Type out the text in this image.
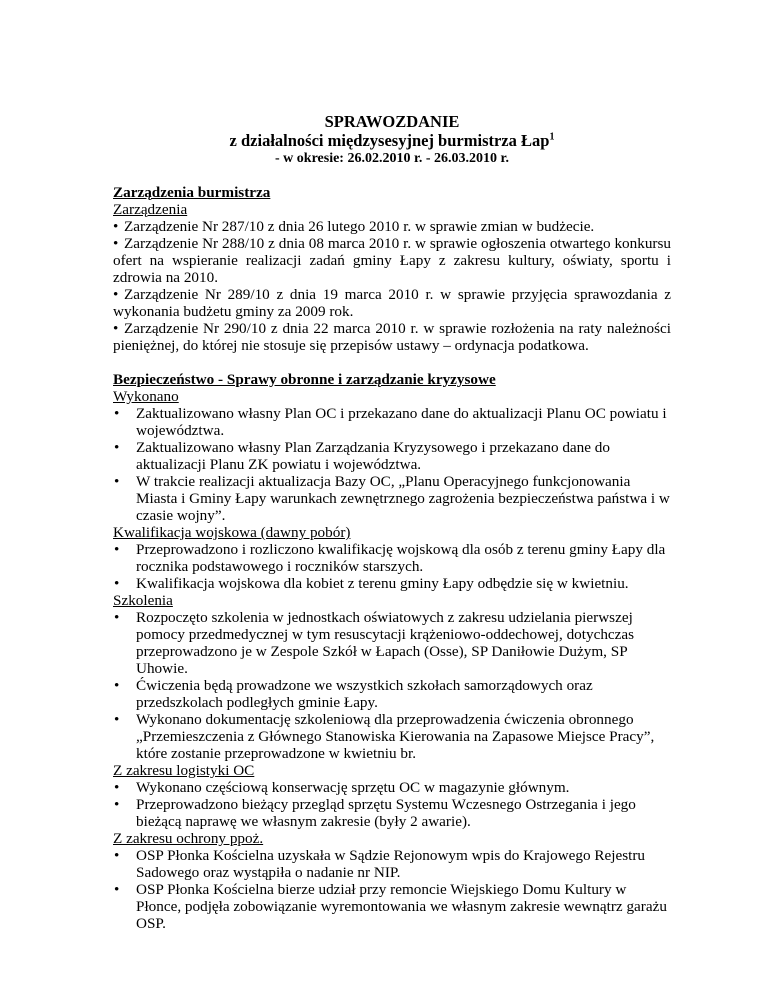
SPRAWOZDANIE

z działalności międzysesyjnej burmistrza Łap$^1$

- w okresie: 26.02.2010 r. - 26.03.2010 r.

Zarządzenia burmistrza

Zarządzenia

• Zarządzenie Nr 287/10 z dnia 26 lutego 2010 r. w sprawie zmian w budżecie.
• Zarządzenie Nr 288/10 z dnia 08 marca 2010 r. w sprawie ogłoszenia otwartego konkursu ofert na wspieranie realizacji zadań gminy Łapy z zakresu kultury, oświaty, sportu i zdrowia na 2010.
• Zarządzenie Nr 289/10 z dnia 19 marca 2010 r. w sprawie przyjęcia sprawozdania z wykonania budżetu gminy za 2009 rok.
• Zarządzenie Nr 290/10 z dnia 22 marca 2010 r. w sprawie rozłożenia na raty należności pieniężnej, do której nie stosuje się przepisów ustawy – ordynacja podatkowa.

Bezpieczeństwo - Sprawy obronne i zarządzanie kryzysowe

Wykonano

• Zaktualizowano własny Plan OC i przekazano dane do aktualizacji Planu OC powiatu i województwa.
• Zaktualizowano własny Plan Zarządzania Kryzysowego i przekazano dane do aktualizacji Planu ZK powiatu i województwa.
• W trakcie realizacji aktualizacja Bazy OC, „Planu Operacyjnego funkcjonowania Miasta i Gminy Łapy warunkach zewnętrznego zagrożenia bezpieczeństwa państwa i w czasie wojny”.

Kwalifikacja wojskowa (dawny pobór)

• Przeprowadzono i rozliczono kwalifikację wojskową dla osób z terenu gminy Łapy dla rocznika podstawowego i roczników starszych.
• Kwalifikacja wojskowa dla kobiet z terenu gminy Łapy odbędzie się w kwietniu.

Szkolenia

• Rozpoczęto szkolenia w jednostkach oświatowych z zakresu udzielania pierwszej pomocy przedmedycznej w tym resuscytacji krążeniowo-oddechowej, dotychczas przeprowadzono je w Zespole Szkół w Łapach (Osse), SP Daniłowie Dużym, SP Uhowie.
• Ćwiczenia będą prowadzone we wszystkich szkołach samorządowych oraz przedszkolach podległych gminie Łapy.
• Wykonano dokumentację szkoleniową dla przeprowadzenia ćwiczenia obronnego „Przemieszczenia z Głównego Stanowiska Kierowania na Zapasowe Miejsce Pracy”, które zostanie przeprowadzone w kwietniu br.

Z zakresu logistyki OC

• Wykonano częściową konserwację sprzętu OC w magazynie głównym.
• Przeprowadzono bieżący przegląd sprzętu Systemu Wczesnego Ostrzegania i jego bieżącą naprawę we własnym zakresie (były 2 awarie).

Z zakresu ochrony ppoż.

• OSP Płonka Kościelna uzyskała w Sądzie Rejonowym wpis do Krajowego Rejestru Sadowego oraz wystąpiła o nadanie nr NIP.
• OSP Płonka Kościelna bierze udział przy remoncie Wiejskiego Domu Kultury w Płonce, podjęła zobowiązanie wyremontowania we własnym zakresie wewnątrz garażu OSP.
